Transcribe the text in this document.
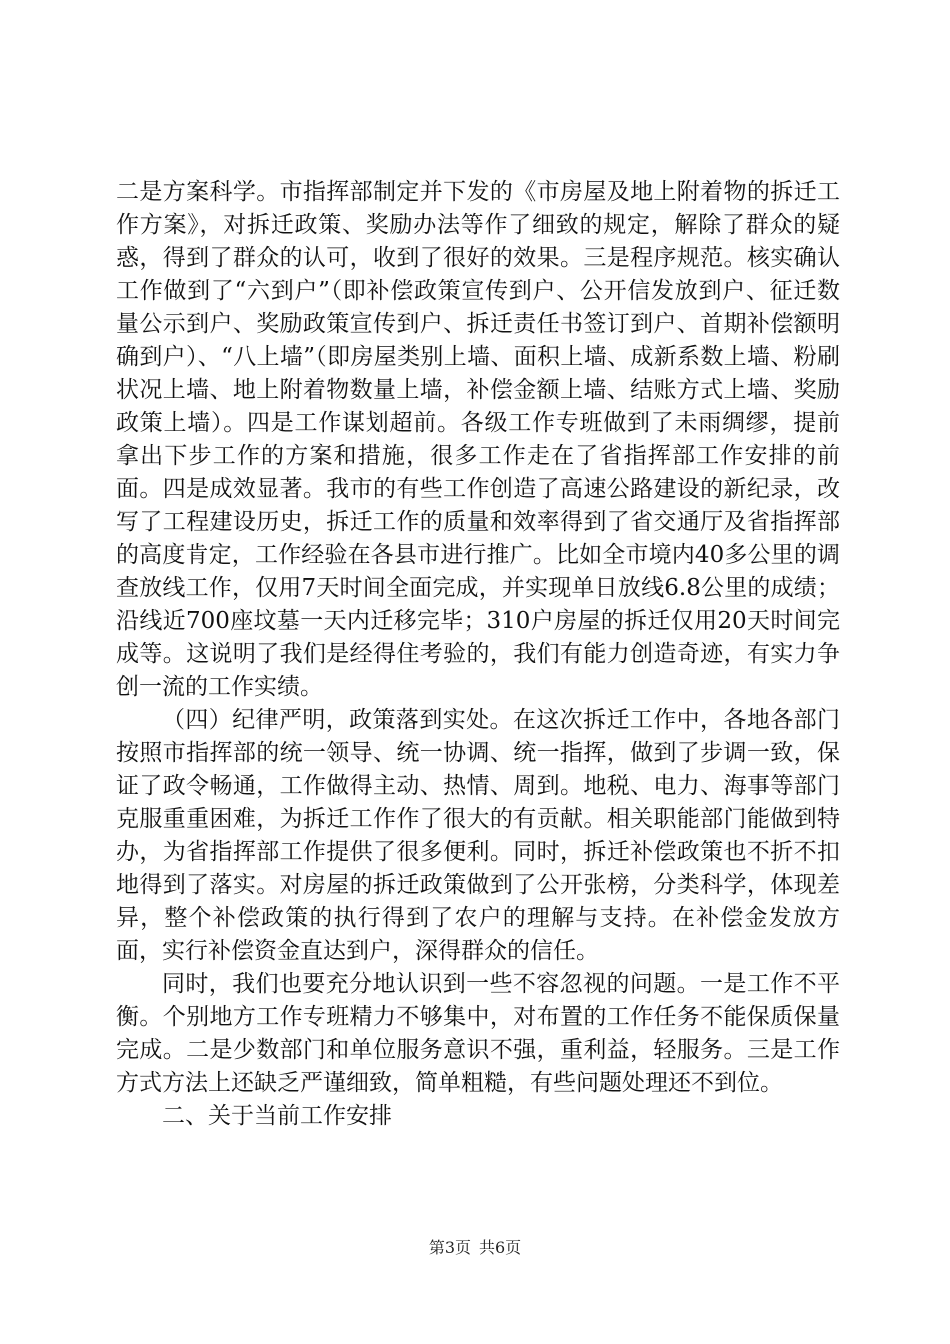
二是方案科学。市指挥部制定并下发的《市房屋及地上附着物的拆迁工作方案》，对拆迁政策、奖励办法等作了细致的规定，解除了群众的疑惑，得到了群众的认可，收到了很好的效果。三是程序规范。核实确认工作做到了“六到户”（即补偿政策宣传到户、公开信发放到户、征迁数量公示到户、奖励政策宣传到户、拆迁责任书签订到户、首期补偿额明确到户）、“八上墙”（即房屋类别上墙、面积上墙、成新系数上墙、粉刷状况上墙、地上附着物数量上墙，补偿金额上墙、结账方式上墙、奖励政策上墙）。四是工作谋划超前。各级工作专班做到了未雨绸缪，提前拿出下步工作的方案和措施，很多工作走在了省指挥部工作安排的前面。四是成效显著。我市的有些工作创造了高速公路建设的新纪录，改写了工程建设历史，拆迁工作的质量和效率得到了省交通厅及省指挥部的高度肯定，工作经验在各县市进行推广。比如全市境内40多公里的调查放线工作，仅用7天时间全面完成，并实现单日放线6.8公里的成绩；沿线近700座坟墓一天内迁移完毕；310户房屋的拆迁仅用20天时间完成等。这说明了我们是经得住考验的，我们有能力创造奇迹，有实力争创一流的工作实绩。

（四）纪律严明，政策落到实处。在这次拆迁工作中，各地各部门按照市指挥部的统一领导、统一协调、统一指挥，做到了步调一致，保证了政令畅通，工作做得主动、热情、周到。地税、电力、海事等部门克服重重困难，为拆迁工作作了很大的有贡献。相关职能部门能做到特办，为省指挥部工作提供了很多便利。同时，拆迁补偿政策也不折不扣地得到了落实。对房屋的拆迁政策做到了公开张榜，分类科学，体现差异，整个补偿政策的执行得到了农户的理解与支持。在补偿金发放方面，实行补偿资金直达到户，深得群众的信任。

同时，我们也要充分地认识到一些不容忽视的问题。一是工作不平衡。个别地方工作专班精力不够集中，对布置的工作任务不能保质保量完成。二是少数部门和单位服务意识不强，重利益，轻服务。三是工作方式方法上还缺乏严谨细致，简单粗糙，有些问题处理还不到位。

二、关于当前工作安排

第3页 共6页
